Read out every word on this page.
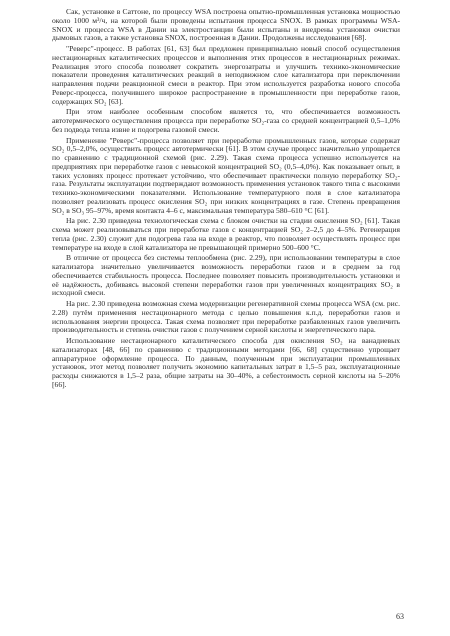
Сак, установке в Саттоне, по процессу WSA построена опытно-промышленная установка мощностью около 1000 м³/ч, на которой были проведены испытания процесса SNOX. В рамках программы WSA-SNOX и процесса WSA в Дании на электростанции были испытаны и внедрены установки очистки дымовых газов, а также установка SNOX, построенная в Дании. Продолжены исследования [68].

"Реверс"-процесс. В работах [61, 63] был предложен принципиально новый способ осуществления нестационарных каталитических процессов и выполнения этих процессов в нестационарных режимах. Реализация этого способа позволяет сократить энергозатраты и улучшить технико-экономические показатели проведения каталитических реакций в неподвижном слое катализатора при переключении направления подачи реакционной смеси в реактор. При этом используется разработка нового способа Реверс-процесса, получившего широкое распространение в промышленности при переработке газов, содержащих SO₂ [63].

При этом наиболее особенным способом является то, что обеспечивается возможность автотермического осуществления процесса при переработке SO₂-газа со средней концентрацией 0,5–1,0% без подвода тепла извне и подогрева газовой смеси.

Применение "Реверс"-процесса позволяет при переработке промышленных газов, которые содержат SO₂ 0,5–2,0%, осуществить процесс автотермически [61]. В этом случае процесс значительно упрощается по сравнению с традиционной схемой (рис. 2.29). Такая схема процесса успешно используется на предприятиях при переработке газов с невысокой концентрацией SO₂ (0,5–4,0%). Как показывает опыт, в таких условиях процесс протекает устойчиво, что обеспечивает практически полную переработку SO₂-газа. Результаты эксплуатации подтверждают возможность применения установок такого типа с высокими технико-экономическими показателями. Использование температурного поля в слое катализатора позволяет реализовать процесс окисления SO₂ при низких концентрациях в газе. Степень превращения SO₂ в SO₃ 95–97%, время контакта 4–6 с, максимальная температура 580–610 °С [61].

На рис. 2.30 приведена технологическая схема с блоком очистки на стадии окисления SO₂ [61]. Такая схема может реализовываться при переработке газов с концентрацией SO₂ 2–2,5 до 4–5%. Регенерация тепла (рис. 2.30) служит для подогрева газа на входе в реактор, что позволяет осуществлять процесс при температуре на входе в слой катализатора не превышающей примерно 500–600 °С.

В отличие от процесса без системы теплообмена (рис. 2.29), при использовании температуры в слое катализатора значительно увеличивается возможность переработки газов и в среднем за год обеспечивается стабильность процесса. Последнее позволяет повысить производительность установки и её надёжность, добиваясь высокой степени переработки газов при увеличенных концентрациях SO₂ в исходной смеси.

На рис. 2.30 приведена возможная схема модернизации регенеративной схемы процесса WSA (см. рис. 2.28) путём применения нестационарного метода с целью повышения к.п.д. переработки газов и использования энергии процесса. Такая схема позволяет при переработке разбавленных газов увеличить производительность и степень очистки газов с получением серной кислоты и энергетического пара.

Использование нестационарного каталитического способа для окисления SO₂ на ванадиевых катализаторах [48, 66] по сравнению с традиционными методами [66, 68] существенно упрощает аппаратурное оформление процесса. По данным, полученным при эксплуатации промышленных установок, этот метод позволяет получить экономию капитальных затрат в 1,5–5 раз, эксплуатационные расходы снижаются в 1,5–2 раза, общие затраты на 30–40%, а себестоимость серной кислоты на 5–20% [66].

63
